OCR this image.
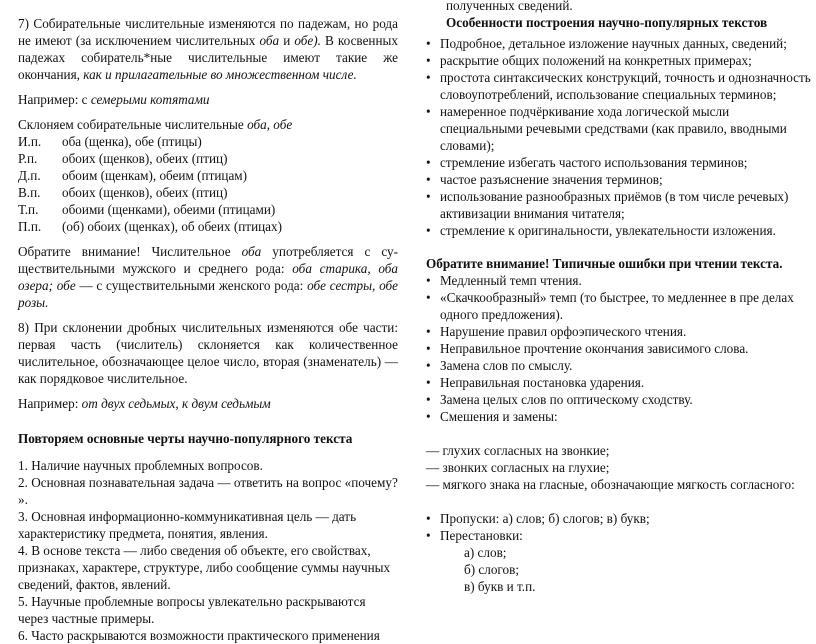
7) Собирательные числительные изменяются по падежам, но рода не имеют (за исключением числительных оба и обе). В косвенных падежах собиратель*ные числительные имеют такие же окончания, как и прилагательные во множественном числе.

Например: с семерыми котятами

Склоняем собирательные числительные оба, обе

И.п.	оба (щенка), обе (птицы)
Р.п.	обоих (щенков), обеих (птиц)
Д.п.	обоим (щенкам), обеим (птицам)
В.п.	обоих (щенков), обеих (птиц)
Т.п.	обоими (щенками), обеими (птицами)
П.п.	(об) обоих (щенках), об обеих (птицах)

Обратите внимание! Числительное оба употребляется с су-ществительными мужского и среднего рода: оба старика, оба озера; обе — с существительными женского рода: обе сестры, обе розы.

8) При склонении дробных числительных изменяются обе части: первая часть (числитель) склоняется как количественное числительное, обозначающее целое число, вторая (знаменатель) — как порядковое числительное.

Например: от двух седьмых, к двум седьмым

Повторяем основные черты научно-популярного текста

1. Наличие научных проблемных вопросов.

2. Основная познавательная задача — ответить на вопрос «почему? ».

3. Основная информационно-коммуникативная цель — дать характеристику предмета, понятия, явления.

4. В основе текста — либо сведения об объекте, его свойствах, признаках, характере, структуре, либо сообщение суммы научных сведений, фактов, явлений.

5. Научные проблемные вопросы увлекательно раскрываются через частные примеры.

6. Часто раскрываются возможности практического применения

полученных сведений.

Особенности построения научно-популярных текстов

• Подробное, детальное изложение научных данных, сведений;
• раскрытие общих положений на конкретных примерах;
• простота синтаксических конструкций, точность и однозначность словоупотреблений, использование специальных терминов;
• намеренное подчёркивание хода логической мысли специальными речевыми средствами (как правило, вводными словами);
• стремление избегать частого использования терминов;
• частое разъяснение значения терминов;
• использование разнообразных приёмов (в том числе речевых) активизации внимания читателя;
• стремление к оригинальности, увлекательности изложения.

Обратите внимание! Типичные ошибки при чтении текста.

• Медленный темп чтения.
• «Скачкообразный» темп (то быстрее, то медленнее в пре делах одного предложения).
• Нарушение правил орфоэпического чтения.
• Неправильное прочтение окончания зависимого слова.
• Замена слов по смыслу.
• Неправильная постановка ударения.
• Замена целых слов по оптическому сходству.
• Смешения и замены:

— глухих согласных на звонкие;

— звонких согласных на глухие;

— мягкого знака на гласные, обозначающие мягкость согласного:

• Пропуски: а) слов; б) слогов; в) букв;
• Перестановки:

а) слов;

б) слогов;

в) букв и т.п.
